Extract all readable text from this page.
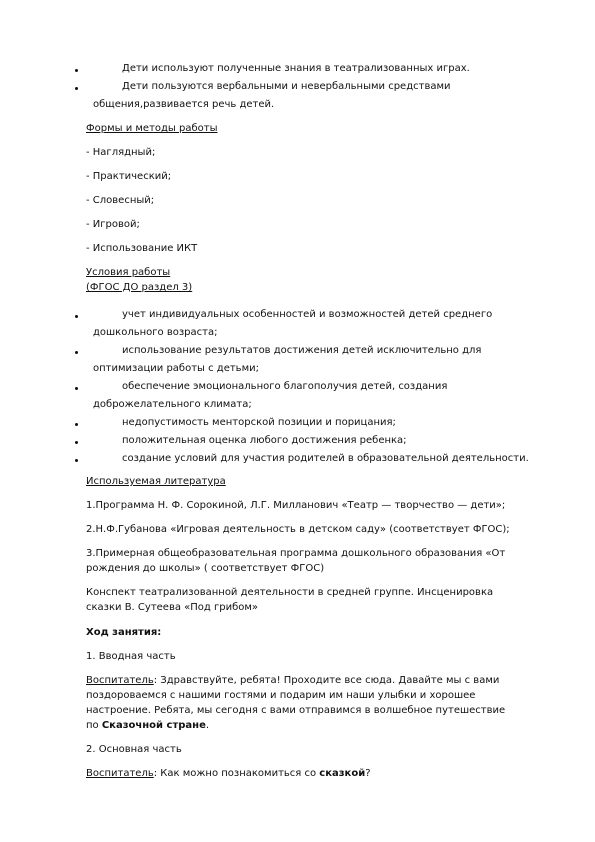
Дети используют полученные знания в театрализованных играх.
Дети пользуются вербальными и невербальными средствами
общения,развивается речь детей.
Формы и методы работы
- Наглядный;
- Практический;
- Словесный;
- Игровой;
- Использование ИКТ
Условия работы
(ФГОС ДО раздел 3)
учет индивидуальных особенностей и возможностей детей среднего
дошкольного возраста;
использование результатов достижения детей исключительно для
оптимизации работы с детьми;
обеспечение эмоционального благополучия детей, создания
доброжелательного климата;
недопустимость менторской позиции и порицания;
положительная оценка любого достижения ребенка;
создание условий для участия родителей в образовательной деятельности.
Используемая литература
1.Программа Н. Ф. Сорокиной, Л.Г. Милланович «Театр — творчество — дети»;
2.Н.Ф.Губанова «Игровая деятельность в детском саду» (соответствует ФГОС);
3.Примерная общеобразовательная программа дошкольного образования «От
рождения до школы» ( соответствует ФГОС)
Конспект театрализованной деятельности в средней группе. Инсценировка
сказки В. Сутеева «Под грибом»
Ход занятия:
1. Вводная часть
Воспитатель: Здравствуйте, ребята! Проходите все сюда. Давайте мы с вами
поздороваемся с нашими гостями и подарим им наши улыбки и хорошее
настроение. Ребята, мы сегодня с вами отправимся в волшебное путешествие
по Сказочной стране.
2. Основная часть
Воспитатель: Как можно познакомиться со сказкой?
